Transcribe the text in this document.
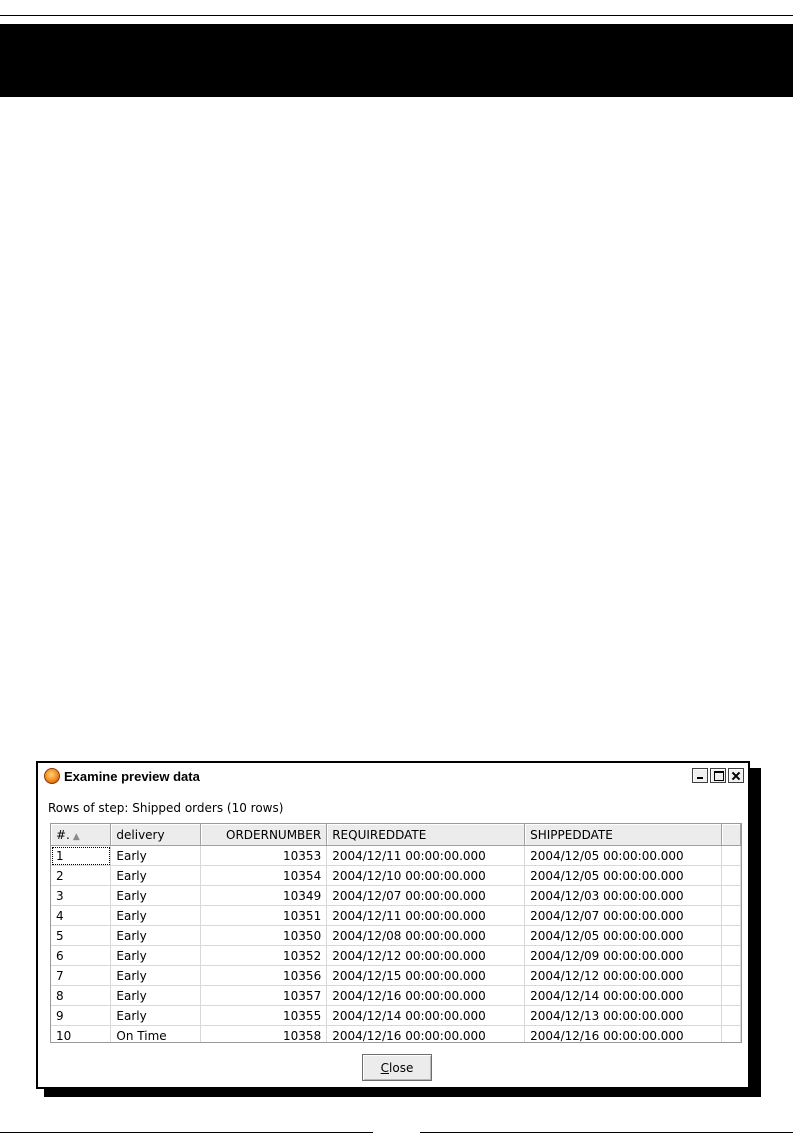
Examine preview data
Rows of step: Shipped orders (10 rows)
#. ▲	delivery	ORDERNUMBER	REQUIREDDATE	SHIPPEDDATE	
1	Early	10353	2004/12/11 00:00:00.000	2004/12/05 00:00:00.000	
2	Early	10354	2004/12/10 00:00:00.000	2004/12/05 00:00:00.000	
3	Early	10349	2004/12/07 00:00:00.000	2004/12/03 00:00:00.000	
4	Early	10351	2004/12/11 00:00:00.000	2004/12/07 00:00:00.000	
5	Early	10350	2004/12/08 00:00:00.000	2004/12/05 00:00:00.000	
6	Early	10352	2004/12/12 00:00:00.000	2004/12/09 00:00:00.000	
7	Early	10356	2004/12/15 00:00:00.000	2004/12/12 00:00:00.000	
8	Early	10357	2004/12/16 00:00:00.000	2004/12/14 00:00:00.000	
9	Early	10355	2004/12/14 00:00:00.000	2004/12/13 00:00:00.000	
10	On Time	10358	2004/12/16 00:00:00.000	2004/12/16 00:00:00.000	

C lose
